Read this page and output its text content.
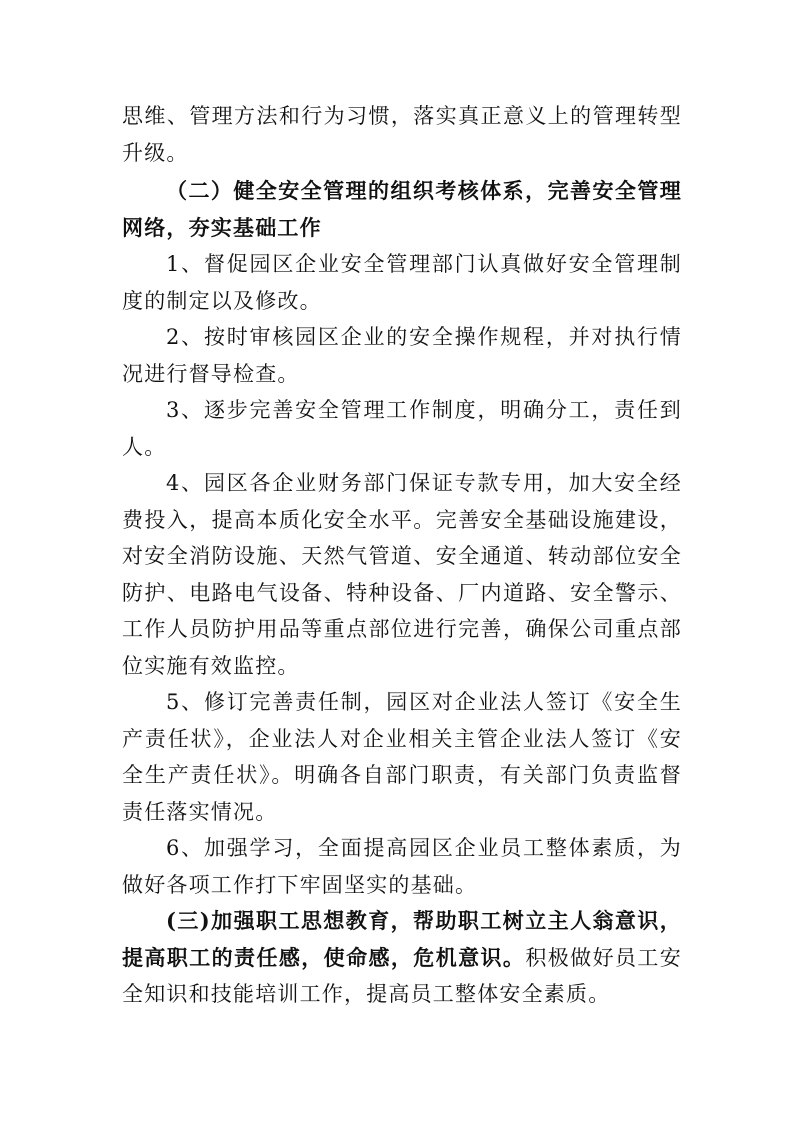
思维、管理方法和行为习惯，落实真正意义上的管理转型升级。

（二）健全安全管理的组织考核体系，完善安全管理网络，夯实基础工作

1、督促园区企业安全管理部门认真做好安全管理制度的制定以及修改。

2、按时审核园区企业的安全操作规程，并对执行情况进行督导检查。

3、逐步完善安全管理工作制度，明确分工，责任到人。

4、园区各企业财务部门保证专款专用，加大安全经费投入，提高本质化安全水平。完善安全基础设施建设，对安全消防设施、天然气管道、安全通道、转动部位安全防护、电路电气设备、特种设备、厂内道路、安全警示、工作人员防护用品等重点部位进行完善，确保公司重点部位实施有效监控。

5、修订完善责任制，园区对企业法人签订《安全生产责任状》，企业法人对企业相关主管企业法人签订《安全生产责任状》。明确各自部门职责，有关部门负责监督责任落实情况。

6、加强学习，全面提高园区企业员工整体素质，为做好各项工作打下牢固坚实的基础。

(三)加强职工思想教育，帮助职工树立主人翁意识，提高职工的责任感，使命感，危机意识。积极做好员工安全知识和技能培训工作，提高员工整体安全素质。
